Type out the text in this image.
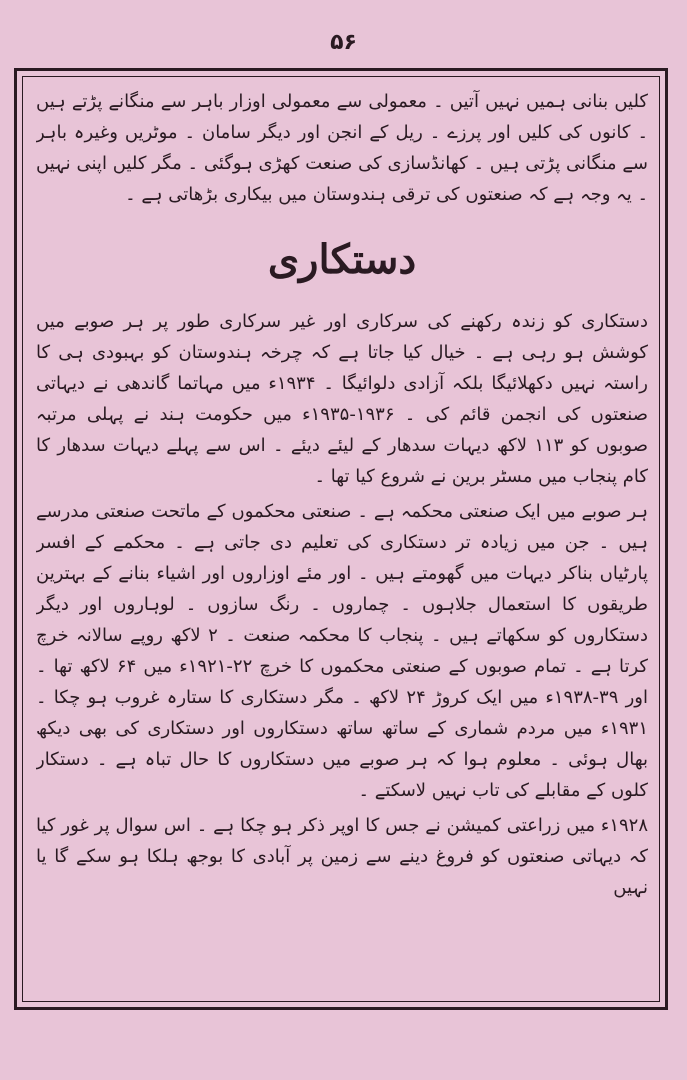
۵۶

کلیں بنانی ہمیں نہیں آتیں ۔ معمولی سے معمولی اوزار باہر سے منگانے پڑتے ہیں ۔ کانوں کی کلیں اور پرزے ۔ ریل کے انجن اور دیگر سامان ۔ موٹریں وغیرہ باہر سے منگانی پڑتی ہیں ۔ کھانڈسازی کی صنعت کھڑی ہوگئی ۔ مگر کلیں اپنی نہیں ۔ یہ وجہ ہے کہ صنعتوں کی ترقی ہندوستان میں بیکاری بڑھاتی ہے ۔

دستکاری

دستکاری کو زندہ رکھنے کی سرکاری اور غیر سرکاری طور پر ہر صوبے میں کوشش ہو رہی ہے ۔ خیال کیا جاتا ہے کہ چرخہ ہندوستان کو بہبودی ہی کا راستہ نہیں دکھلائیگا بلکہ آزادی دلوائیگا ۔ ۱۹۳۴ء میں مہاتما گاندھی نے دیہاتی صنعتوں کی انجمن قائم کی ۔ ۱۹۳۶-۱۹۳۵ء میں حکومت ہند نے پہلی مرتبہ صوبوں کو ۱۱۳ لاکھ دیہات سدھار کے لیئے دیئے ۔ اس سے پہلے دیہات سدھار کا کام پنجاب میں مسٹر برین نے شروع کیا تھا ۔

ہر صوبے میں ایک صنعتی محکمہ ہے ۔ صنعتی محکموں کے ماتحت صنعتی مدرسے ہیں ۔ جن میں زیادہ تر دستکاری کی تعلیم دی جاتی ہے ۔ محکمے کے افسر پارٹیاں بناکر دیہات میں گھومتے ہیں ۔ اور مئے اوزاروں اور اشیاء بنانے کے بہترین طریقوں کا استعمال جلاہوں ۔ چماروں ۔ رنگ سازوں ۔ لوہاروں اور دیگر دستکاروں کو سکھاتے ہیں ۔ پنجاب کا محکمہ صنعت ۔ ۲ لاکھ روپے سالانہ خرچ کرتا ہے ۔ تمام صوبوں کے صنعتی محکموں کا خرچ ۲۲-۱۹۲۱ء میں ۶۴ لاکھ تھا ۔ اور ۳۹-۱۹۳۸ء میں ایک کروڑ ۲۴ لاکھ ۔ مگر دستکاری کا ستارہ غروب ہو چکا ۔ ۱۹۳۱ء میں مردم شماری کے ساتھ ساتھ دستکاروں اور دستکاری کی بھی دیکھ بھال ہوئی ۔ معلوم ہوا کہ ہر صوبے میں دستکاروں کا حال تباہ ہے ۔ دستکار کلوں کے مقابلے کی تاب نہیں لاسکتے ۔

۱۹۲۸ء میں زراعتی کمیشن نے جس کا اوپر ذکر ہو چکا ہے ۔ اس سوال پر غور کیا کہ دیہاتی صنعتوں کو فروغ دینے سے زمین پر آبادی کا بوجھ ہلکا ہو سکے گا یا نہیں
